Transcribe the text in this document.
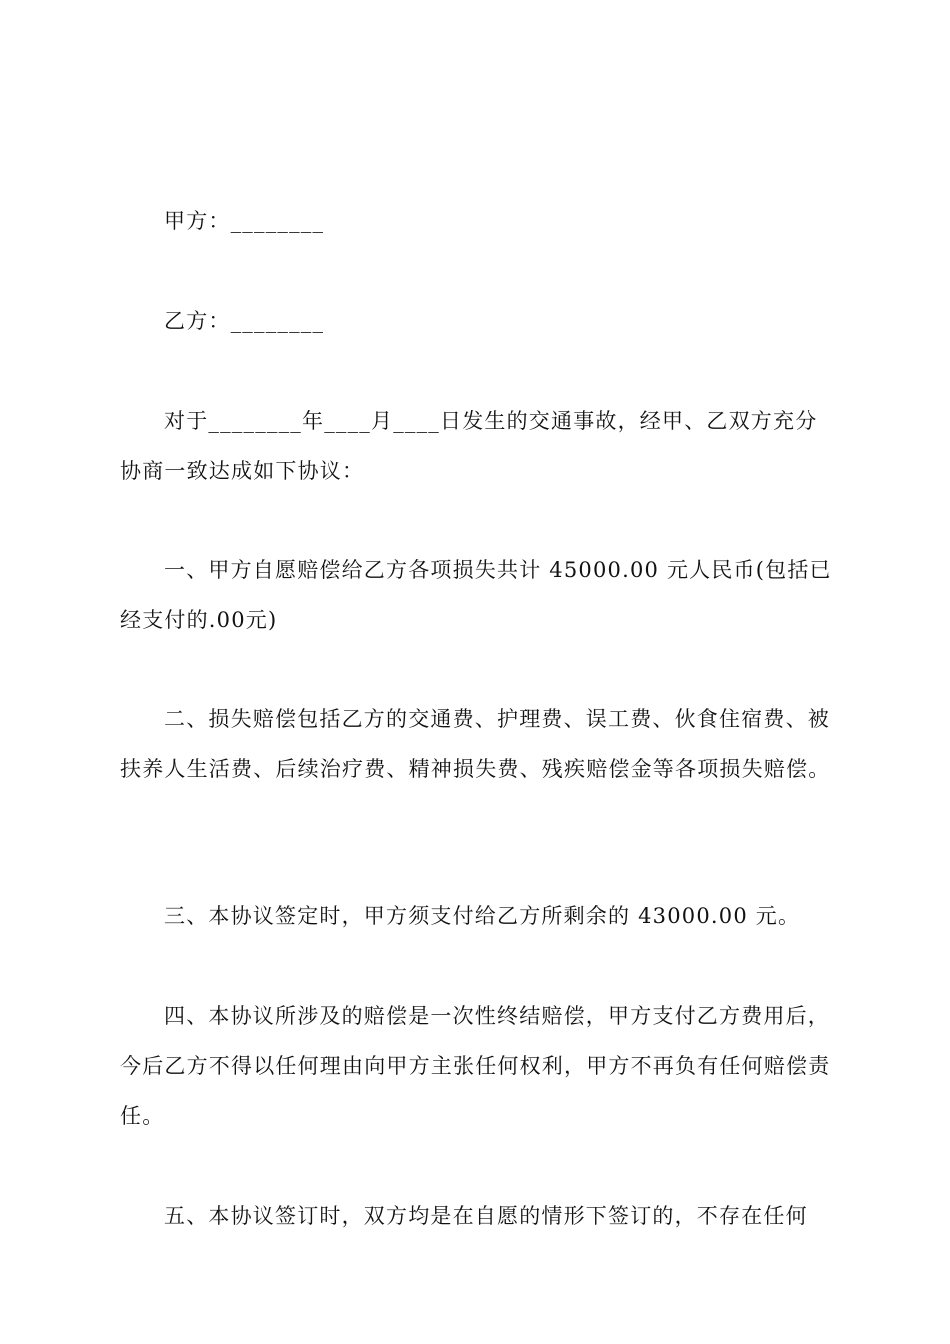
甲方：________
乙方：________
对于________年____月____日发生的交通事故，经甲、乙双方充分协商一致达成如下协议：
一、甲方自愿赔偿给乙方各项损失共计 45000.00 元人民币(包括已经支付的.00元)
二、损失赔偿包括乙方的交通费、护理费、误工费、伙食住宿费、被扶养人生活费、后续治疗费、精神损失费、残疾赔偿金等各项损失赔偿。
三、本协议签定时，甲方须支付给乙方所剩余的 43000.00 元。
四、本协议所涉及的赔偿是一次性终结赔偿，甲方支付乙方费用后，今后乙方不得以任何理由向甲方主张任何权利，甲方不再负有任何赔偿责任。
五、本协议签订时，双方均是在自愿的情形下签订的，不存在任何
